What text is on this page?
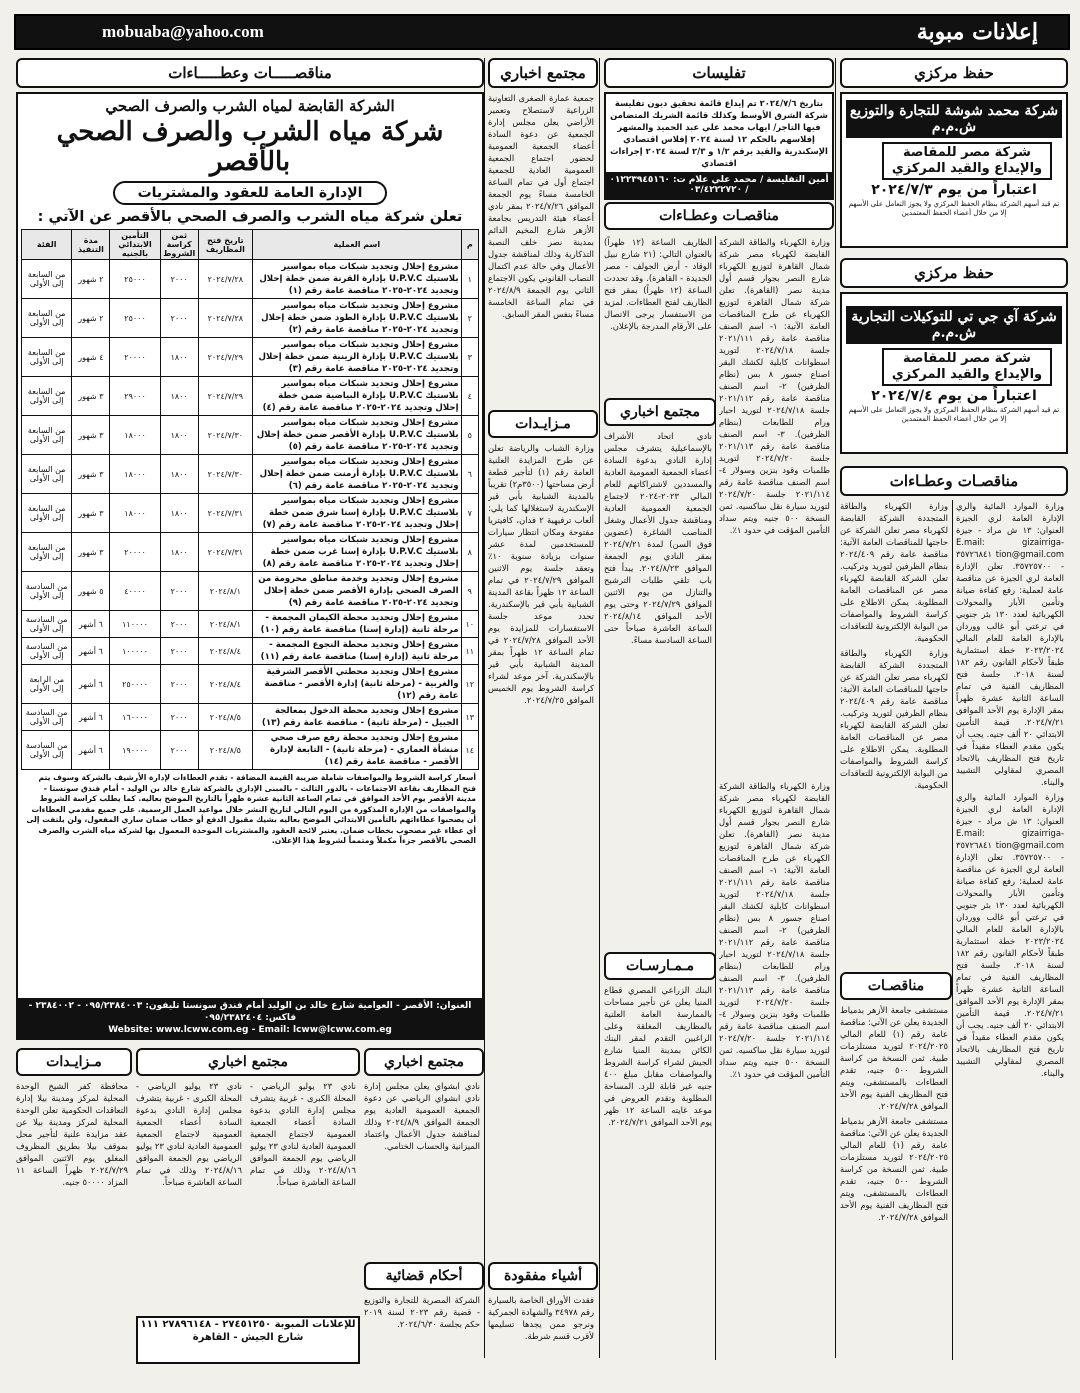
mobuaba@yahoo.com	إعلانات مبوبة
مناقصـــــات وعطـــــاءات	مجتمع اخباري	تفليسات	حفظ مركزي
الشركة القابضة لمياه الشرب والصرف الصحي
شركة مياه الشرب والصرف الصحي بالأقصر
الإدارة العامة للعقود والمشتريات
تعلن شركة مياه الشرب والصرف الصحي بالأقصر عن الآتي :
م	اسم العملية	تاريخ فتح المظاريف	ثمن كراسة الشروط	التأمين الابتدائي بالجنيه	مدة التنفيذ	الفئة
١	مشروع إحلال وتجديد شبكات مياه بمواسير بلاستيك U.P.V.C بإدارة القرنة ضمن خطة إحلال وتجديد ٢٠٢٤-٢٠٢٥ مناقصة عامة رقم (١)	٢٠٢٤/٧/٢٨	٢٠٠٠	٢٥٠٠٠	٢ شهور	من السابعة إلى الأولى
٢	مشروع إحلال وتجديد شبكات مياه بمواسير بلاستيك U.P.V.C بإدارة الطود ضمن خطة إحلال وتجديد ٢٠٢٤-٢٠٢٥ مناقصة عامة رقم (٢)	٢٠٢٤/٧/٢٨	٢٠٠٠	٢٥٠٠٠	٢ شهور	من السابعة إلى الأولى
٣	مشروع إحلال وتجديد شبكات مياه بمواسير بلاستيك U.P.V.C بإدارة الزينية ضمن خطة إحلال وتجديد ٢٠٢٤-٢٠٢٥ مناقصة عامة رقم (٣)	٢٠٢٤/٧/٢٩	١٨٠٠	٢٠٠٠٠	٤ شهور	من السابعة إلى الأولى
٤	مشروع إحلال وتجديد شبكات مياه بمواسير بلاستيك U.P.V.C بإدارة البياضية ضمن خطة إحلال وتجديد ٢٠٢٤-٢٠٢٥ مناقصة عامة رقم (٤)	٢٠٢٤/٧/٢٩	١٨٠٠	٢٩٠٠٠	٣ شهور	من السابعة إلى الأولى
٥	مشروع إحلال وتجديد شبكات مياه بمواسير بلاستيك U.P.V.C بإدارة الأقصر ضمن خطة إحلال وتجديد ٢٠٢٤-٢٠٢٥ مناقصة عامة رقم (٥)	٢٠٢٤/٧/٣٠	١٨٠٠	١٨٠٠٠	٣ شهور	من السابعة إلى الأولى
٦	مشروع إحلال وتجديد شبكات مياه بمواسير بلاستيك U.P.V.C بإدارة أرمنت ضمن خطة إحلال وتجديد ٢٠٢٤-٢٠٢٥ مناقصة عامة رقم (٦)	٢٠٢٤/٧/٣٠	١٨٠٠	١٨٠٠٠	٣ شهور	من السابعة إلى الأولى
٧	مشروع إحلال وتجديد شبكات مياه بمواسير بلاستيك U.P.V.C بإدارة إسنا شرق ضمن خطة إحلال وتجديد ٢٠٢٤-٢٠٢٥ مناقصة عامة رقم (٧)	٢٠٢٤/٧/٣١	١٨٠٠	١٨٠٠٠	٣ شهور	من السابعة إلى الأولى
٨	مشروع إحلال وتجديد شبكات مياه بمواسير بلاستيك U.P.V.C بإدارة إسنا غرب ضمن خطة إحلال وتجديد ٢٠٢٤-٢٠٢٥ مناقصة عامة رقم (٨)	٢٠٢٤/٧/٣١	١٨٠٠	٢٠٠٠٠	٣ شهور	من السابعة إلى الأولى
٩	مشروع إحلال وتجديد وخدمة مناطق محرومة من الصرف الصحي بإدارة الأقصر ضمن خطة إحلال وتجديد ٢٠٢٤-٢٠٢٥ مناقصة عامة رقم (٩)	٢٠٢٤/٨/١	٢٠٠٠	٤٠٠٠٠	٥ شهور	من السادسة إلى الأولى
١٠	مشروع إحلال وتجديد محطة الكيمان المجمعة - مرحلة ثانية (إدارة إسنا) مناقصة عامة رقم (١٠)	٢٠٢٤/٨/١	٢٠٠٠	١١٠٠٠٠	٦ أشهر	من السادسة إلى الأولى
١١	مشروع إحلال وتجديد محطة النجوع المجمعة - مرحلة ثانية (إدارة إسنا) مناقصة عامة رقم (١١)	٢٠٢٤/٨/٤	٢٠٠٠	١٠٠٠٠٠	٦ أشهر	من السادسة إلى الأولى
١٢	مشروع إحلال وتجديد محطتي الأقصر الشرقية والغربية - (مرحلة ثانية) إدارة الأقصر - مناقصة عامة رقم (١٢)	٢٠٢٤/٨/٤	٢٠٠٠	٢٥٠٠٠٠	٦ أشهر	من الرابعة إلى الأولى
١٣	مشروع إحلال وتجديد محطة الدخول بمعالجة الجبيل - (مرحلة ثانية) - مناقصة عامة رقم (١٣)	٢٠٢٤/٨/٥	٢٠٠٠	١٦٠٠٠٠	٦ أشهر	من السادسة إلى الأولى
١٤	مشروع إحلال وتجديد محطة رفع صرف صحي منشأة العماري - (مرحلة ثانية) - التابعة لإدارة الأقصر - مناقصة عامة رقم (١٤)	٢٠٢٤/٨/٥	٢٠٠٠	١٩٠٠٠٠	٦ أشهر	من السادسة إلى الأولى
أسعار كراسة الشروط والمواصفات شاملة ضريبة القيمة المضافة - تقدم العطاءات لإدارة الأرشيف بالشركة وسوف يتم فتح المظاريف بقاعة الاجتماعات - بالدور الثالث - بالمبنى الإداري بالشركة شارع خالد بن الوليد - أمام فندق سونستا - مدينة الأقصر يوم الأحد الموافق في تمام الساعة الثانية عشرة ظهراً بالتاريخ الموضح بعاليه. كما يطلب كراسة الشروط والمواصفات من الإدارة المذكورة من اليوم التالي لتاريخ النشر خلال مواعيد العمل الرسمية. على جميع مقدمي العطاءات أن يصحبوا عطاءاتهم بالتأمين الابتدائي الموضح بعاليه بشيك مقبول الدفع أو خطاب ضمان ساري المفعول، ولن يلتفت إلى أي عطاء غير مصحوب بخطاب ضمان. يعتبر لائحة العقود والمشتريات الموحدة المعمول بها لشركة مياه الشرب والصرف الصحي بالأقصر جزءاً مكملاً ومتمماً لشروط هذا الإعلان.
العنوان: الأقصر - العوامية شارع خالد بن الوليد أمام فندق سونستا تليفون: ٠٩٥/٢٣٨٤٠٠٣ - ٢٣٨٤٠٠٢ - فاكس: ٠٩٥/٢٣٨٢٤٠٤
Website: www.lcww.com.eg - Email: lcww@lcww.com.eg

جمعية عمارة الصغرى التعاونية الزراعية لاستصلاح وتعمير الأراضي يعلن مجلس إدارة الجمعية عن دعوة السادة أعضاء الجمعية العمومية لحضور اجتماع الجمعية العمومية العادية للجمعية اجتماع أول في تمام الساعة الخامسة مساءً يوم الجمعة الموافق ٢٠٢٤/٧/٢٦ بمقر نادي أعضاء هيئة التدريس بجامعة الأزهر شارع المخيم الدائم بمدينة نصر خلف النصبة التذكارية وذلك لمناقشة جدول الأعمال وفي حالة عدم اكتمال النصاب القانوني يكون الاجتماع الثاني يوم الجمعة ٢٠٢٤/٨/٩ في تمام الساعة الخامسة مساءً بنفس المقر السابق.

مـزايـدات

وزارة الشباب والرياضة تعلن عن طرح المزايدة العلنية العامة رقم (١) لتأجير قطعة أرض مساحتها (٣٥٠٠م٢) تقريباً بالمدينة الشبابية بأبي قير الإسكندرية لاستغلالها كما يلي: ألعاب ترفيهية ٢ فدان، كافيتريا مفتوحة ومكان انتظار سيارات للمستخدمين لمدة عشر سنوات بزيادة سنوية ١٠٪ وتعقد جلسة يوم الاثنين الموافق ٢٠٢٤/٧/٢٩ في تمام الساعة ١٢ ظهراً بقاعة المدينة الشبابية بأبي قير بالإسكندرية. تحدد موعد جلسة الاستفسارات للمزايدة يوم الأحد الموافق ٢٠٢٤/٧/٢٨ في تمام الساعة ١٢ ظهراً بمقر المدينة الشبابية بأبي قير بالإسكندرية. آخر موعد لشراء كراسة الشروط يوم الخميس الموافق ٢٠٢٤/٧/٢٥.

بتاريخ ٢٠٢٤/٧/٦ تم إيداع قائمة تحقيق ديون تفليسة شركة الشرق الأوسط وكذلك قائمة الشريك المتضامن فيها التاجر/ ايهاب محمد علي عبد الحميد والمشهر إفلاسهم بالحكم ١٢ لسنة ٢٠٢٤ إفلاس اقتصادي الإسكندرية والقيد برقم ١/٢ و ٢/٣ لسنة ٢٠٢٤ إجراءات اقتصادي
أمين التفليسة / محمد علي علام ت: ٠١٢٢٣٩٤٥١٦٠ / ٠٣/٤٢٢٢٧٢٠
مناقصـات وعطـاءات

وزارة الكهرباء والطاقة الشركة القابضة لكهرباء مصر شركة شمال القاهرة لتوزيع الكهرباء شارع النصر بجوار قسم أول مدينة نصر (القاهرة). تعلن شركة شمال القاهرة لتوزيع الكهرباء عن طرح المناقصات العامة الآتية: ١- اسم الصنف مناقصة عامة رقم ٢٠٢١/١١١ جلسة ٢٠٢٤/٧/١٨ لتوريد اسطوانات كابلية لكشك البقر اصناع جسور ٨ بس (نظام الظرفين) ٢- اسم الصنف مناقصة عامة رقم ٢٠٢١/١١٢ جلسة ٢٠٢٤/٧/١٨ لتوريد احبار ورام للطابعات (بنظام الظرفين). ٣- اسم الصنف مناقصة عامة رقم ٢٠٢١/١١٣ جلسة ٢٠٢٤/٧/٢٠ لتوريد طلمبات وقود بنزين وسولار ٤- اسم الصنف مناقصة عامة رقم ٢٠٢١/١١٤ جلسة ٢٠٢٤/٧/٢٠ لتوريد سيارة نقل ساكسيه. ثمن النسخة ٥٠٠ جنيه ويتم سداد التأمين المؤقت في حدود ١٪.

الظاريف الساعة (١٢ ظهراً) بالعنوان التالي: (٢١ شارع نبيل الوقاد - أرض الجولف - مصر الجديدة - القاهرة). وقد تحددت الساعة (١٢ ظهراً) بمقر فتح الظاريف لفتح العطاءات. لمزيد من الاستفسار يرجى الاتصال على الأرقام المدرجة بالإعلان.

مجتمع اخباري

نادي اتحاد الأشراف بالإسماعيلية يتشرف مجلس إدارة النادي بدعوة السادة أعضاء الجمعية العمومية العادية والمسددين لاشتراكاتهم للعام المالي ٢٠٢٣-٢٠٢٤ لاجتماع الجمعية العمومية العادية ومناقشة جدول الأعمال وشغل المناصب الشاغرة (عضوين فوق السن) لمدة ٢٠٢٤/٧/٢١ بمقر النادي يوم الجمعة الموافق ٢٠٢٤/٨/٢٣. يبدأ فتح باب تلقي طلبات الترشيح والتنازل من يوم الاثنين الموافق ٢٠٢٤/٧/٢٩ وحتى يوم الأحد الموافق ٢٠٢٤/٨/١٤ الساعة العاشرة صباحاً حتى الساعة السادسة مساءً.

وزارة الكهرباء والطاقة الشركة القابضة لكهرباء مصر شركة شمال القاهرة لتوزيع الكهرباء شارع النصر بجوار قسم أول مدينة نصر (القاهرة). تعلن شركة شمال القاهرة لتوزيع الكهرباء عن طرح المناقصات العامة الآتية: ١- اسم الصنف مناقصة عامة رقم ٢٠٢١/١١١ جلسة ٢٠٢٤/٧/١٨ لتوريد اسطوانات كابلية لكشك البقر اصناع جسور ٨ بس (نظام الظرفين) ٢- اسم الصنف مناقصة عامة رقم ٢٠٢١/١١٢ جلسة ٢٠٢٤/٧/١٨ لتوريد احبار ورام للطابعات (بنظام الظرفين). ٣- اسم الصنف مناقصة عامة رقم ٢٠٢١/١١٣ جلسة ٢٠٢٤/٧/٢٠ لتوريد طلمبات وقود بنزين وسولار ٤- اسم الصنف مناقصة عامة رقم ٢٠٢١/١١٤ جلسة ٢٠٢٤/٧/٢٠ لتوريد سيارة نقل ساكسيه. ثمن النسخة ٥٠٠ جنيه ويتم سداد التأمين المؤقت في حدود ١٪.

مـمـارسـات

البنك الزراعي المصري قطاع المنيا يعلن عن تأجير مساحات بالممارسة العامة العلنية بالمظاريف المغلقة وعلى الراغبين التقدم لمقر البنك الكائن بمدينة المنيا شارع الجيش لشراء كراسة الشروط والمواصفات مقابل مبلغ ٤٠٠ جنيه غير قابلة للرد. المساحة المطلوبة وتقدم العروض في موعد غايته الساعة ١٢ ظهر يوم الأحد الموافق ٢٠٢٤/٧/٢١.

شركة محمد شوشة للتجارة والتوزيع ش.م.م
شركة مصر للمقاصة والإيداع والقيد المركزي
اعتباراً من يوم ٢٠٢٤/٧/٣
تم قيد أسهم الشركة بنظام الحفظ المركزي ولا يجوز التعامل على الأسهم إلا من خلال أعضاء الحفظ المعتمدين
حفظ مركزي
شركة آي جي تي للتوكيلات التجارية ش.م.م
شركة مصر للمقاصة والإيداع والقيد المركزي
اعتباراً من يوم ٢٠٢٤/٧/٤
تم قيد أسهم الشركة بنظام الحفظ المركزي ولا يجوز التعامل على الأسهم إلا من خلال أعضاء الحفظ المعتمدين
مناقصـات وعطـاءات

وزارة الموارد المائية والري الإدارة العامة لري الجيزة العنوان: ١٣ ش مراد - جيزة E.mail: gizairriga-tion@gmail.com ٣٥٧٢٦٨٤١ - ٣٥٧٢٥٧٠٠. تعلن الإدارة العامة لري الجيزة عن مناقصة عامة لعملية: رفع كفاءة صيانة وتأمين الأبار والمحولات الكهربائية لعدد ١٣٠ بئر جنوبي في ترعتي أبو غالب ووردان بالإدارة العامة للعام المالي ٢٠٢٣/٢٠٢٤ خطة استثمارية طبقاً لأحكام القانون رقم ١٨٢ لسنة ٢٠١٨. جلسة فتح المظاريف الفنية في تمام الساعة الثانية عشرة ظهراً بمقر الإدارة يوم الأحد الموافق ٢٠٢٤/٧/٢١. قيمة التأمين الابتدائي ٢٠ ألف جنيه. يجب أن يكون مقدم العطاء مقيداً في تاريخ فتح المظاريف بالاتحاد المصري لمقاولي التشييد والبناء.

وزارة الموارد المائية والري الإدارة العامة لري الجيزة العنوان: ١٣ ش مراد - جيزة E.mail: gizairriga-tion@gmail.com ٣٥٧٢٦٨٤١ - ٣٥٧٢٥٧٠٠. تعلن الإدارة العامة لري الجيزة عن مناقصة عامة لعملية: رفع كفاءة صيانة وتأمين الأبار والمحولات الكهربائية لعدد ١٣٠ بئر جنوبي في ترعتي أبو غالب ووردان بالإدارة العامة للعام المالي ٢٠٢٣/٢٠٢٤ خطة استثمارية طبقاً لأحكام القانون رقم ١٨٢ لسنة ٢٠١٨. جلسة فتح المظاريف الفنية في تمام الساعة الثانية عشرة ظهراً بمقر الإدارة يوم الأحد الموافق ٢٠٢٤/٧/٢١. قيمة التأمين الابتدائي ٢٠ ألف جنيه. يجب أن يكون مقدم العطاء مقيداً في تاريخ فتح المظاريف بالاتحاد المصري لمقاولي التشييد والبناء.

وزارة الكهرباء والطاقة المتجددة الشركة القابضة لكهرباء مصر تعلن الشركة عن حاجتها للمناقصات العامة الآتية: مناقصة عامة رقم ٢٠٢٤/٤٠٩ بنظام الظرفين لتوريد وتركيب. تعلن الشركة القابضة لكهرباء مصر عن المناقصات العامة المطلوبة. يمكن الاطلاع على كراسة الشروط والمواصفات من البوابة الإلكترونية للتعاقدات الحكومية.

وزارة الكهرباء والطاقة المتجددة الشركة القابضة لكهرباء مصر تعلن الشركة عن حاجتها للمناقصات العامة الآتية: مناقصة عامة رقم ٢٠٢٤/٤٠٩ بنظام الظرفين لتوريد وتركيب. تعلن الشركة القابضة لكهرباء مصر عن المناقصات العامة المطلوبة. يمكن الاطلاع على كراسة الشروط والمواصفات من البوابة الإلكترونية للتعاقدات الحكومية.

مناقصـات

مستشفى جامعة الأزهر بدمياط الجديدة يعلن عن الآتي: مناقصة عامة رقم (١) للعام المالي ٢٠٢٤/٢٠٢٥ لتوريد مستلزمات طبية. ثمن النسخة من كراسة الشروط ٥٠٠ جنيه، تقدم العطاءات بالمستشفى، ويتم فتح المظاريف الفنية يوم الأحد الموافق ٢٠٢٤/٧/٢٨.

مستشفى جامعة الأزهر بدمياط الجديدة يعلن عن الآتي: مناقصة عامة رقم (١) للعام المالي ٢٠٢٤/٢٠٢٥ لتوريد مستلزمات طبية. ثمن النسخة من كراسة الشروط ٥٠٠ جنيه، تقدم العطاءات بالمستشفى، ويتم فتح المظاريف الفنية يوم الأحد الموافق ٢٠٢٤/٧/٢٨.

مـزايـدات

محافظة كفر الشيخ الوحدة المحلية لمركز ومدينة بيلا إدارة التعاقدات الحكومية تعلن الوحدة المحلية لمركز ومدينة بيلا عن عقد مزايدة علنية لتأجير محل بموقف بيلا بطريق المظروف المغلق يوم الاثنين الموافق ٢٠٢٤/٧/٢٩ ظهراً الساعة ١١ المزاد ٥٠٠٠٠ جنيه.

مجتمع اخباري

نادي ٢٣ يوليو الرياضي - المحلة الكبرى - غربية يتشرف مجلس إدارة النادي بدعوة السادة أعضاء الجمعية العمومية لاجتماع الجمعية العمومية العادية لنادي ٢٣ يوليو الرياضي يوم الجمعة الموافق ٢٠٢٤/٨/١٦ وذلك في تمام الساعة العاشرة صباحاً.

نادي ٢٣ يوليو الرياضي - المحلة الكبرى - غربية يتشرف مجلس إدارة النادي بدعوة السادة أعضاء الجمعية العمومية لاجتماع الجمعية العمومية العادية لنادي ٢٣ يوليو الرياضي يوم الجمعة الموافق ٢٠٢٤/٨/١٦ وذلك في تمام الساعة العاشرة صباحاً.

للإعلانات المبوبة ٢٧٤٥١٢٥٠ - ٢٧٨٩٦١٤٨ ١١١ شارع الجيش - القاهرة
مجتمع اخباري

نادي ابشواي يعلن مجلس إدارة نادي ابشواي الرياضي عن دعوة الجمعية العمومية العادية يوم الجمعة الموافق ٢٠٢٤/٨/٩ وذلك لمناقشة جدول الأعمال واعتماد الميزانية والحساب الختامي.

أحكام قضائية

الشركة المصرية للتجارة والتوزيع - قضية رقم ٢٠٢٣ لسنة ٢٠١٩ حكم بجلسة ٢٠٢٤/٦/٣٠.

أشياء مفقودة

فقدت الأوراق الخاصة بالسيارة رقم ٣٤٩٧٨ والشهادة الجمركية ونرجو ممن يجدها تسليمها لأقرب قسم شرطة.
